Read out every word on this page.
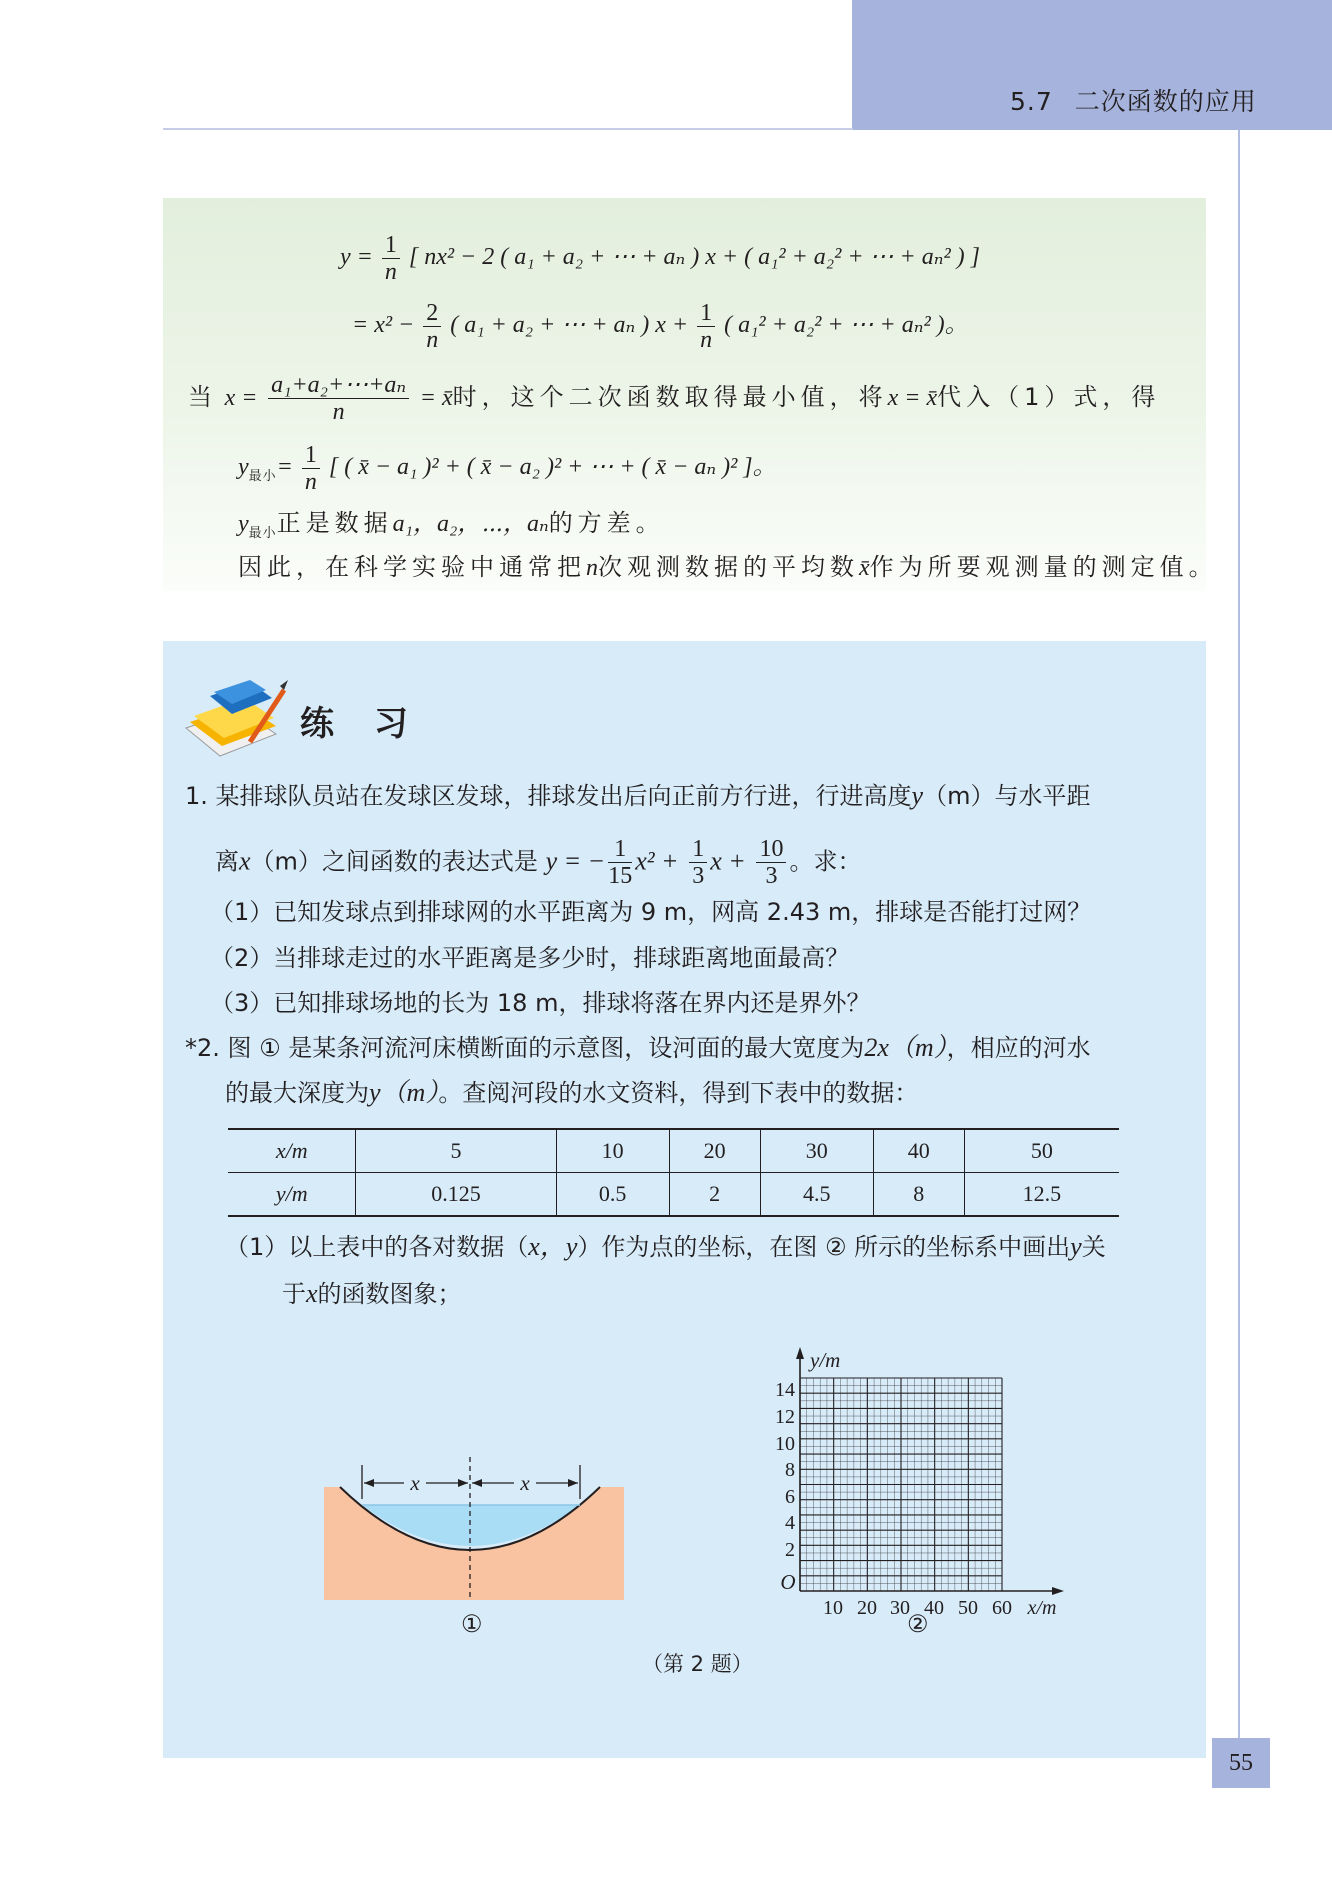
5.7 二次函数的应用
$y = \frac{1}{n}$ [ nx² − 2 ( a₁ + a₂ + ⋯ + aₙ ) x + ( a₁² + a₂² + ⋯ + aₙ² ) ]
= $x^2 - \frac{2}{n}$ ( a₁ + a₂ + ⋯ + aₙ ) $x + \frac{1}{n}$ ( a₁² + a₂² + ⋯ + aₙ² )。
当 $x = \frac{\text{a₁+a₂+⋯+aₙ}}{n}$ = x̄时，这个二次函数取得最小值，将x = x̄代入（1）式，得
$y_{最小}= \frac{1}{n}$ [ ( x̄ − a₁ )² + ( x̄ − a₂ )² + ⋯ + ( x̄ − aₙ )² ]。
$y_{最小}$正是数据a₁，a₂，⋯，aₙ的方差。
因此，在科学实验中通常把n次观测数据的平均数x̄作为所要观测量的测定值。
练 习
1. 某排球队员站在发球区发球，排球发出后向正前方行进，行进高度y（m）与水平距
离x（m）之间函数的表达式是 y = − $\frac{1}{15} x^2 + \frac{1}{3}$ $x + \frac{10}{3}$ 。求：
（1）已知发球点到排球网的水平距离为 9 m，网高 2.43 m，排球是否能打过网？
（2）当排球走过的水平距离是多少时，排球距离地面最高？
（3）已知排球场地的长为 18 m，排球将落在界内还是界外？
*2. 图 ① 是某条河流河床横断面的示意图，设河面的最大宽度为2x（m），相应的河水
的最大深度为y（m）。查阅河段的水文资料，得到下表中的数据：
x/m	5	10	20	30	40	50
y/m	0.125	0.5	2	4.5	8	12.5
（1）以上表中的各对数据（x，y）作为点的坐标，在图 ② 所示的坐标系中画出y关
于x的函数图象；
x	x
①
y/m
O
14
12
10
8
6
4
2
10 20 30 40 50 60 x/m
②
（第 2 题）
55
